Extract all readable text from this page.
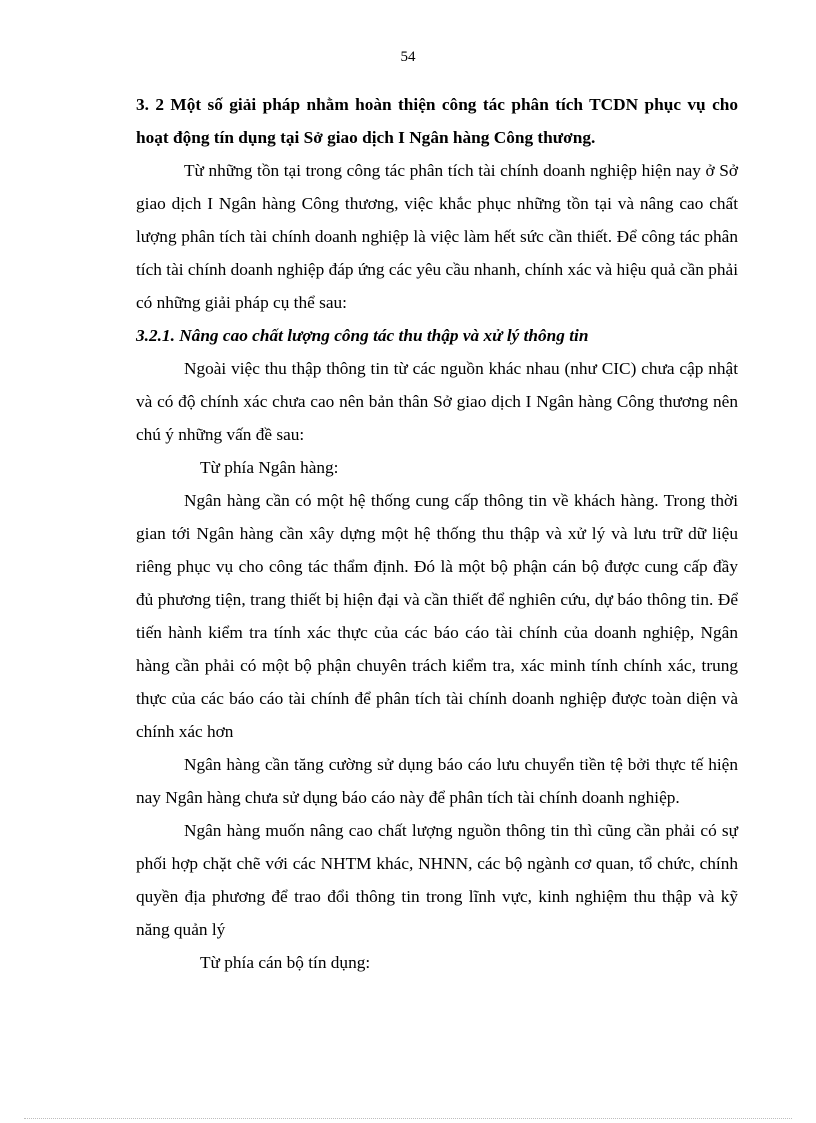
54

3. 2 Một số giải pháp nhằm hoàn thiện công tác phân tích TCDN phục vụ cho hoạt động tín dụng tại Sở giao dịch I Ngân hàng Công thương.

Từ những tồn tại trong công tác phân tích tài chính doanh nghiệp hiện nay ở Sở giao dịch I Ngân hàng Công thương, việc khắc phục những tồn tại và nâng cao chất lượng phân tích tài chính doanh nghiệp là việc làm hết sức cần thiết. Để công tác phân tích tài chính doanh nghiệp đáp ứng các yêu cầu nhanh, chính xác và hiệu quả cần phải có những giải pháp cụ thể sau:

3.2.1. Nâng cao chất lượng công tác thu thập và xử lý thông tin

Ngoài việc thu thập thông tin từ các nguồn khác nhau (như CIC) chưa cập nhật và có độ chính xác chưa cao nên bản thân Sở giao dịch I Ngân hàng Công thương nên chú ý những vấn đề sau:

Từ phía Ngân hàng:

Ngân hàng cần có một hệ thống cung cấp thông tin về khách hàng. Trong thời gian tới Ngân hàng cần xây dựng một hệ thống thu thập và xử lý và lưu trữ dữ liệu riêng phục vụ cho công tác thẩm định. Đó là một bộ phận cán bộ được cung cấp đầy đủ phương tiện, trang thiết bị hiện đại và cần thiết để nghiên cứu, dự báo thông tin. Để tiến hành kiểm tra tính xác thực của các báo cáo tài chính của doanh nghiệp, Ngân hàng cần phải có một bộ phận chuyên trách kiểm tra, xác minh tính chính xác, trung thực của các báo cáo tài chính để phân tích tài chính doanh nghiệp được toàn diện và chính xác hơn

Ngân hàng cần tăng cường sử dụng báo cáo lưu chuyển tiền tệ bởi thực tế hiện nay Ngân hàng chưa sử dụng báo cáo này để phân tích tài chính doanh nghiệp.

Ngân hàng muốn nâng cao chất lượng nguồn thông tin thì cũng cần phải có sự phối hợp chặt chẽ với các NHTM khác, NHNN, các bộ ngành cơ quan, tổ chức, chính quyền địa phương để trao đổi thông tin trong lĩnh vực, kinh nghiệm thu thập và kỹ năng quản lý

Từ phía cán bộ tín dụng:
